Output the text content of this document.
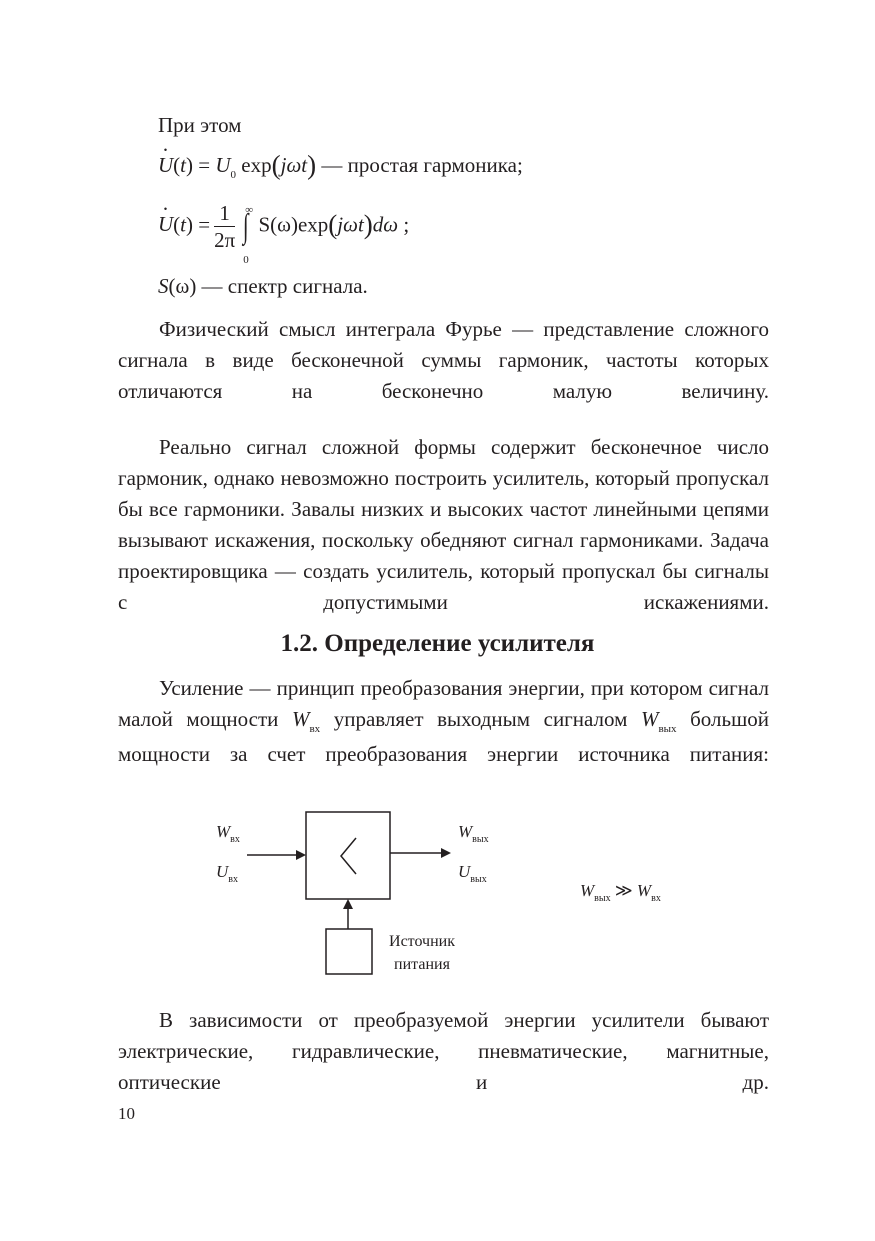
При этом
· $U(t) = U_0$ exp(jωt) — простая гармоника;
· $U(t) = \frac{1}{2\pi}$ ∫
∞
0
S(ω)exp(jωt)dω ;
S(ω) — спектр сигнала.
Физический смысл интеграла Фурье — представление сложного сигнала в виде бесконечной суммы гармоник, частоты которых отличаются на бесконечно малую величину.
Реально сигнал сложной формы содержит бесконечное число гармоник, однако невозможно построить усилитель, который пропускал бы все гармоники. Завалы низких и высоких частот линейными цепями вызывают искажения, поскольку обедняют сигнал гармониками. Задача проектировщика — создать усилитель, который пропускал бы сигналы с допустимыми искажениями.
1.2. Определение усилителя
Усиление — принцип преобразования энергии, при котором сигнал малой мощности $W_{вх}$ управляет выходным сигналом $W_{вых}$ большой мощности за счет преобразования энергии источника питания:
$W_{вх}$
$U_{вх}$
$W_{вых}$
$U_{вых}$
$W_{вых}$ ≫ $W_{вх}$
Источник
питания
В зависимости от преобразуемой энергии усилители бывают электрические, гидравлические, пневматические, магнитные, оптические и др.
10
